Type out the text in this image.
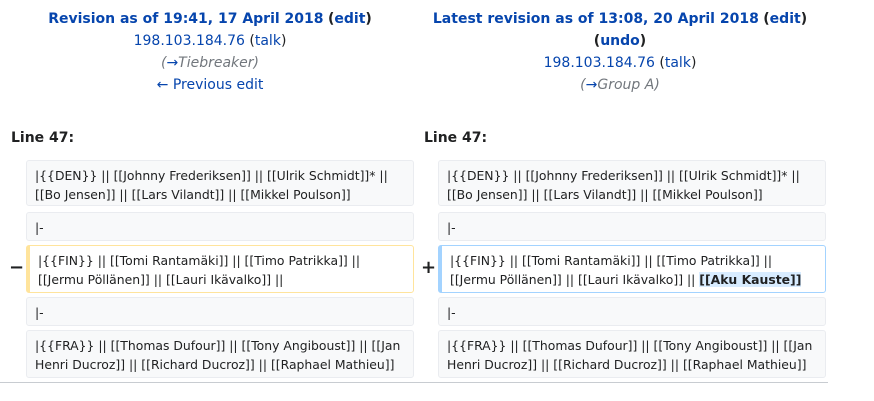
Revision as of 19:41, 17 April 2018 (edit)
198.103.184.76 (talk)
(→Tiebreaker)
← Previous edit
Latest revision as of 13:08, 20 April 2018 (edit)
(undo)
198.103.184.76 (talk)
(→Group A)
Line 47:	Line 47:
|{{DEN}} || [[Johnny Frederiksen]] || [[Ulrik Schmidt]]* || [[Bo Jensen]] || [[Lars Vilandt]] || [[Mikkel Poulson]]
|{{DEN}} || [[Johnny Frederiksen]] || [[Ulrik Schmidt]]* || [[Bo Jensen]] || [[Lars Vilandt]] || [[Mikkel Poulson]]
|-	|-
−	|{{FIN}} || [[Tomi Rantamäki]] || [[Timo Patrikka]] || [[Jermu Pöllänen]] || [[Lauri Ikävalko]] ||
+	|{{FIN}} || [[Tomi Rantamäki]] || [[Timo Patrikka]] || [[Jermu Pöllänen]] || [[Lauri Ikävalko]] || [[Aku Kauste]]
|-	|-
|{{FRA}} || [[Thomas Dufour]] || [[Tony Angiboust]] || [[Jan Henri Ducroz]] || [[Richard Ducroz]] || [[Raphael Mathieu]]
|{{FRA}} || [[Thomas Dufour]] || [[Tony Angiboust]] || [[Jan Henri Ducroz]] || [[Richard Ducroz]] || [[Raphael Mathieu]]
